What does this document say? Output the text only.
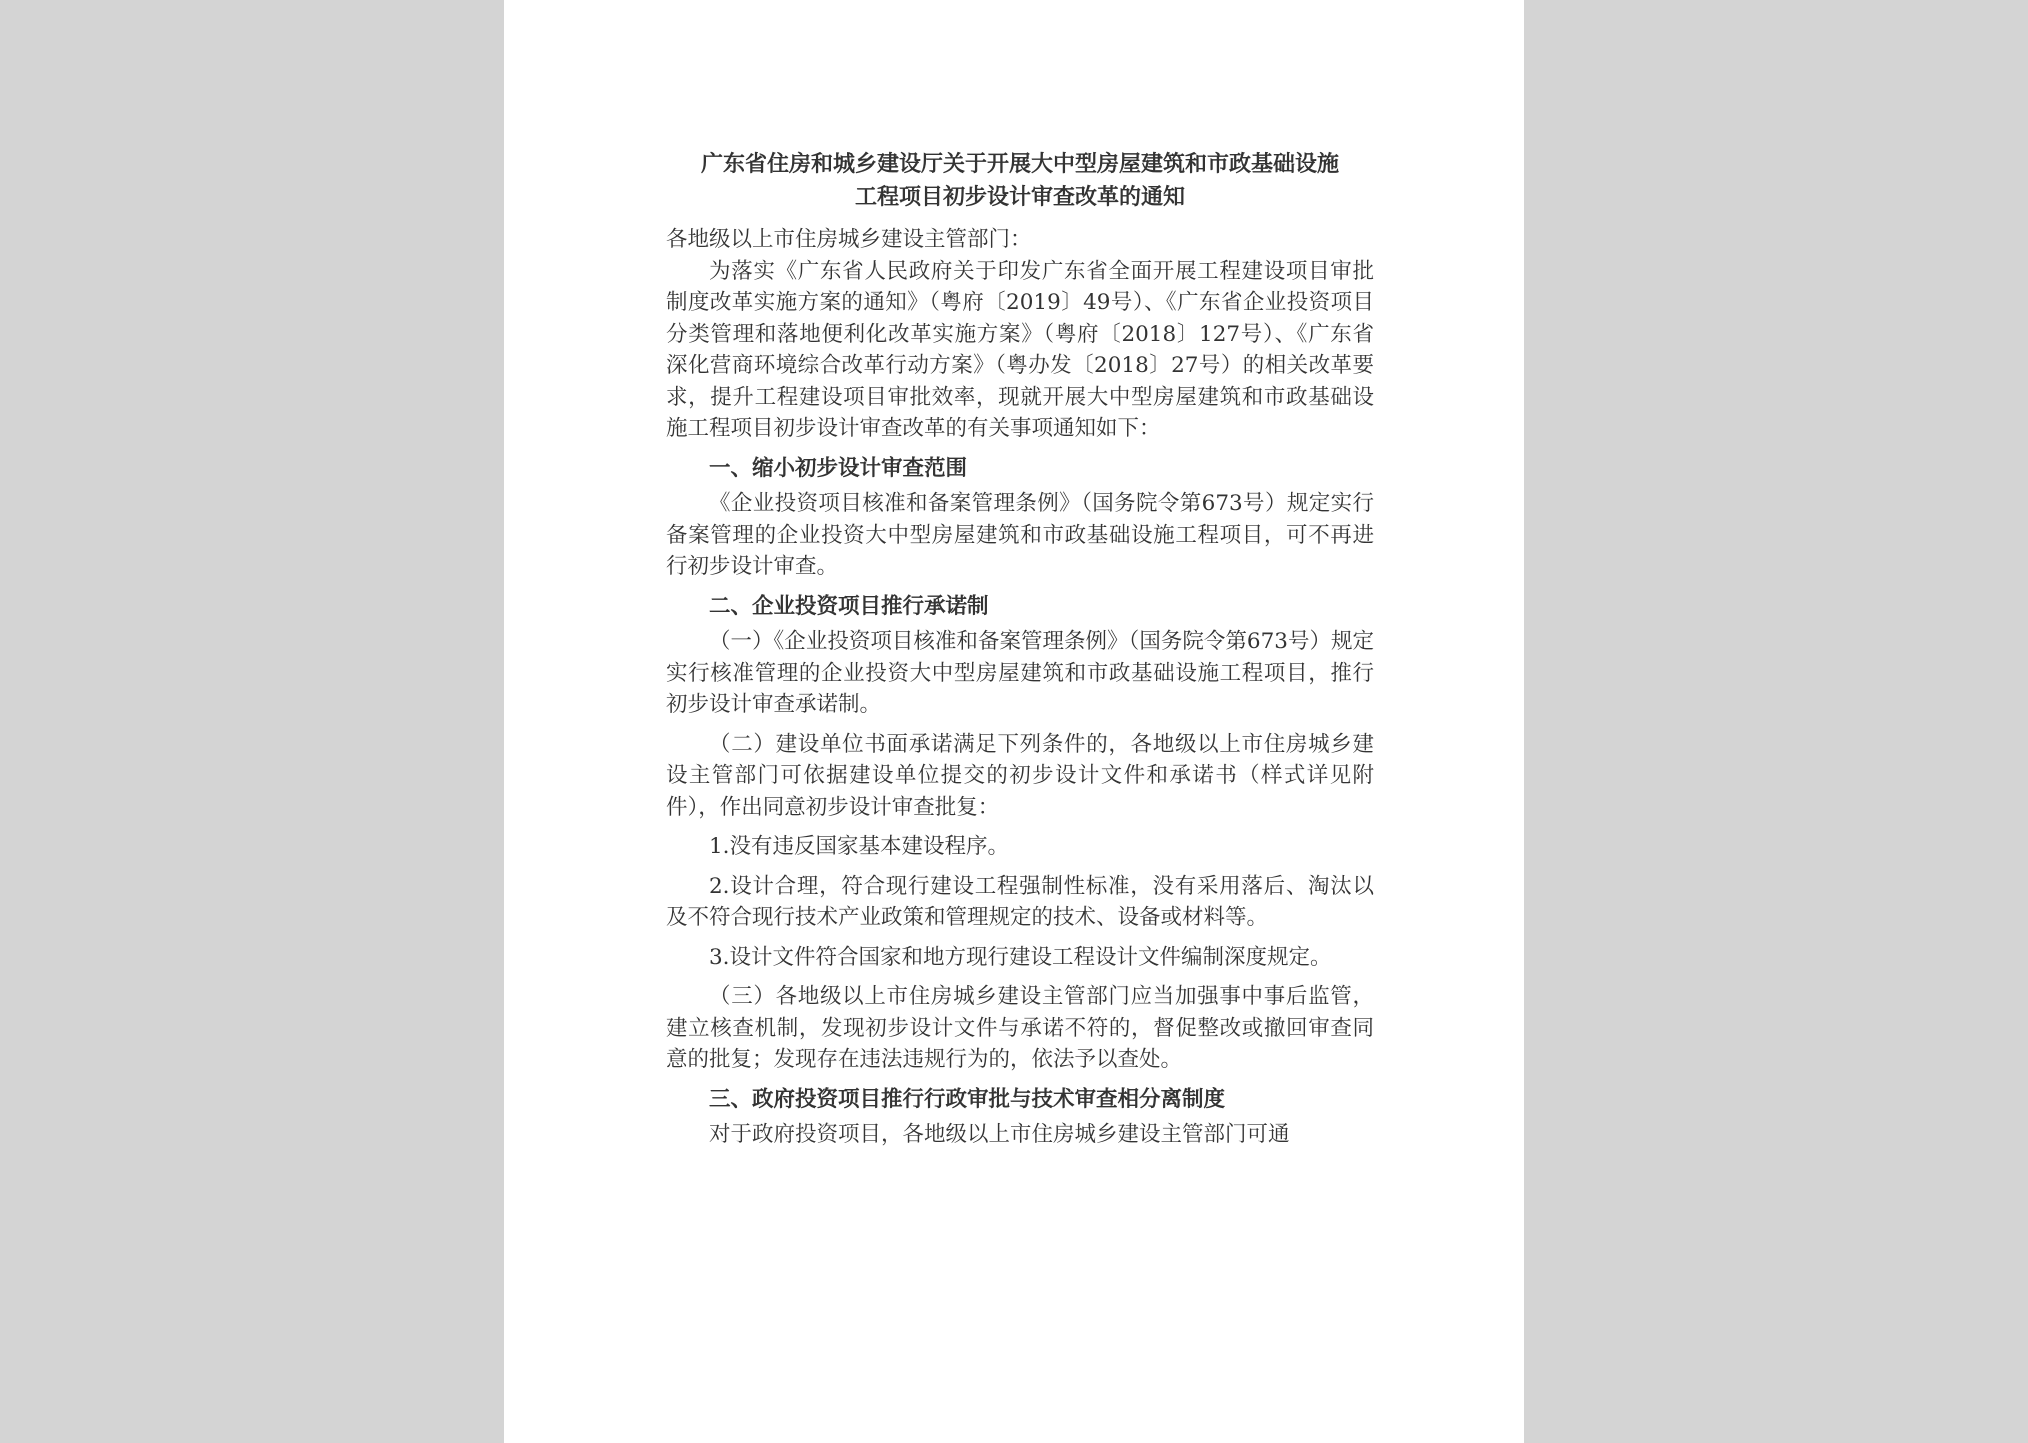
广东省住房和城乡建设厅关于开展大中型房屋建筑和市政基础设施
工程项目初步设计审查改革的通知

各地级以上市住房城乡建设主管部门：

为落实《广东省人民政府关于印发广东省全面开展工程建设项目审批制度改革实施方案的通知》（粤府〔2019〕49号）、《广东省企业投资项目分类管理和落地便利化改革实施方案》（粤府〔2018〕127号）、《广东省深化营商环境综合改革行动方案》（粤办发〔2018〕27号）的相关改革要求，提升工程建设项目审批效率，现就开展大中型房屋建筑和市政基础设施工程项目初步设计审查改革的有关事项通知如下：

一、缩小初步设计审查范围

《企业投资项目核准和备案管理条例》（国务院令第673号）规定实行备案管理的企业投资大中型房屋建筑和市政基础设施工程项目，可不再进行初步设计审查。

二、企业投资项目推行承诺制

（一）《企业投资项目核准和备案管理条例》（国务院令第673号）规定实行核准管理的企业投资大中型房屋建筑和市政基础设施工程项目，推行初步设计审查承诺制。

（二）建设单位书面承诺满足下列条件的，各地级以上市住房城乡建设主管部门可依据建设单位提交的初步设计文件和承诺书（样式详见附件），作出同意初步设计审查批复：

1.没有违反国家基本建设程序。

2.设计合理，符合现行建设工程强制性标准，没有采用落后、淘汰以及不符合现行技术产业政策和管理规定的技术、设备或材料等。

3.设计文件符合国家和地方现行建设工程设计文件编制深度规定。

（三）各地级以上市住房城乡建设主管部门应当加强事中事后监管，建立核查机制，发现初步设计文件与承诺不符的，督促整改或撤回审查同意的批复；发现存在违法违规行为的，依法予以查处。

三、政府投资项目推行行政审批与技术审查相分离制度

对于政府投资项目，各地级以上市住房城乡建设主管部门可通
